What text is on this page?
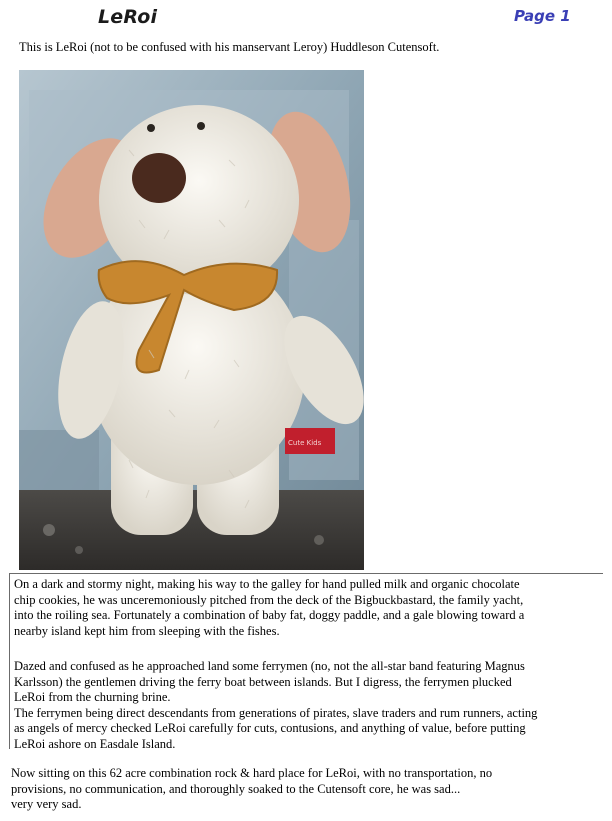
LeRoi	Page 1
This is LeRoi (not to be confused with his manservant Leroy) Huddleson Cutensoft.
Cute Kids

On a dark and stormy night, making his way to the galley for hand pulled milk and organic chocolate
chip cookies, he was unceremoniously pitched from the deck of the Bigbuckbastard, the family yacht,
into the roiling sea. Fortunately a combination of baby fat, doggy paddle, and a gale blowing toward a
nearby island kept him from sleeping with the fishes.

Dazed and confused as he approached land some ferrymen (no, not the all-star band featuring Magnus
Karlsson) the gentlemen driving the ferry boat between islands. But I digress, the ferrymen plucked

LeRoi from the churning brine.
The ferrymen being direct descendants from generations of pirates, slave traders and rum runners, acting
as angels of mercy checked LeRoi carefully for cuts, contusions, and anything of value, before putting
LeRoi ashore on Easdale Island.

Now sitting on this 62 acre combination rock & hard place for LeRoi, with no transportation, no
provisions, no communication, and thoroughly soaked to the Cutensoft core, he was sad...
very very sad.
